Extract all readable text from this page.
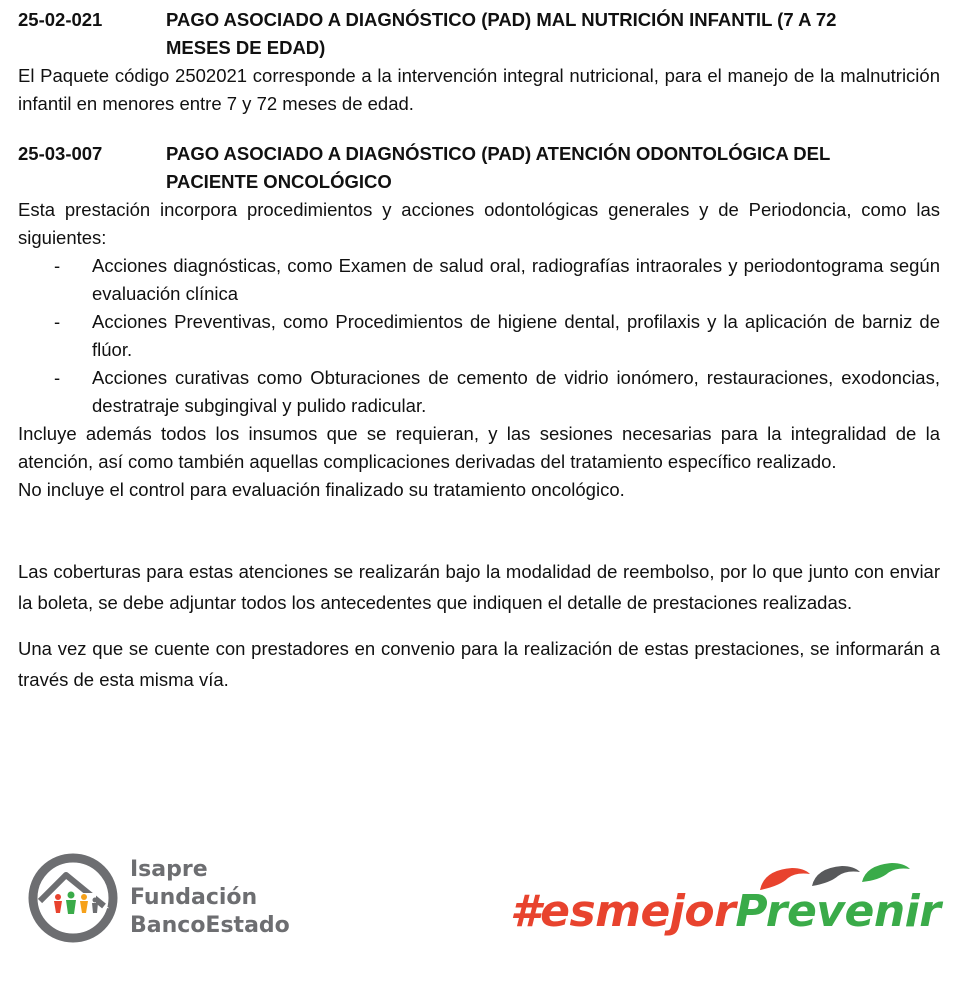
25-02-021	PAGO ASOCIADO A DIAGNÓSTICO (PAD) MAL NUTRICIÓN INFANTIL (7 A 72
MESES DE EDAD)

El Paquete código 2502021 corresponde a la intervención integral nutricional, para el manejo de la malnutrición infantil en menores entre 7 y 72 meses de edad.

25-03-007	PAGO ASOCIADO A DIAGNÓSTICO (PAD) ATENCIÓN ODONTOLÓGICA DEL
PACIENTE ONCOLÓGICO

Esta prestación incorpora procedimientos y acciones odontológicas generales y de Periodoncia, como las siguientes:

-	Acciones diagnósticas, como Examen de salud oral, radiografías intraorales y periodontograma según evaluación clínica
-	Acciones Preventivas, como Procedimientos de higiene dental, profilaxis y la aplicación de barniz de flúor.
-	Acciones curativas como Obturaciones de cemento de vidrio ionómero, restauraciones, exodoncias, destratraje subgingival y pulido radicular.

Incluye además todos los insumos que se requieran, y las sesiones necesarias para la integralidad de la atención, así como también aquellas complicaciones derivadas del tratamiento específico realizado.

No incluye el control para evaluación finalizado su tratamiento oncológico.

Las coberturas para estas atenciones se realizarán bajo la modalidad de reembolso, por lo que junto con enviar la boleta, se debe adjuntar todos los antecedentes que indiquen el detalle de prestaciones realizadas.

Una vez que se cuente con prestadores en convenio para la realización de estas prestaciones, se informarán a través de esta misma vía.

Isapre
Fundación
BancoEstado	#esmejorPrevenir
